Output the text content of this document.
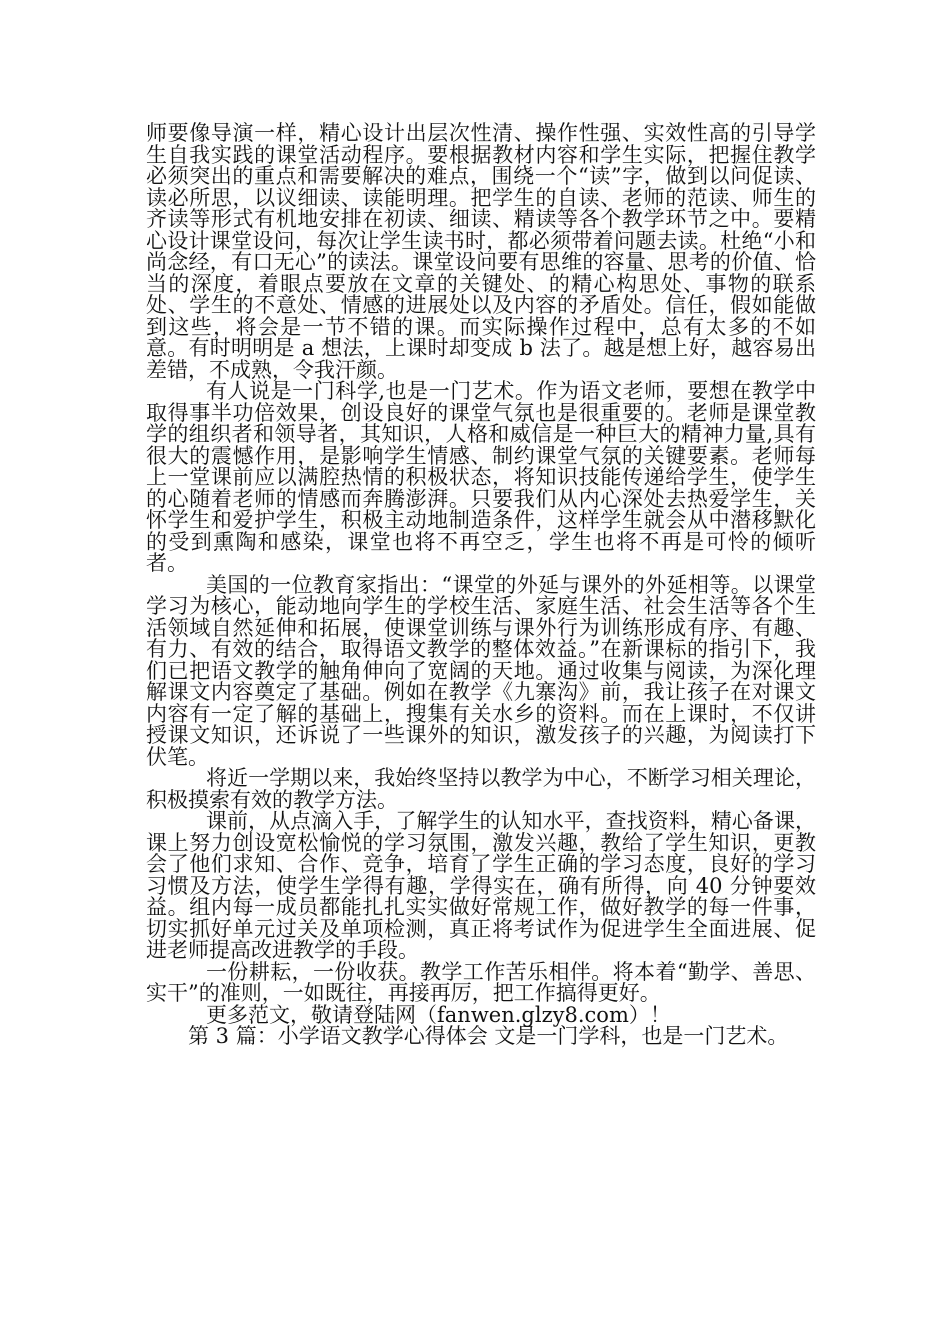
师要像导演一样，精心设计出层次性清、操作性强、实效性高的引导学生自我实践的课堂活动程序。要根据教材内容和学生实际，把握住教学必须突出的重点和需要解决的难点，围绕一个“读”字，做到以问促读、读必所思，以议细读、读能明理。把学生的自读、老师的范读、师生的齐读等形式有机地安排在初读、细读、精读等各个教学环节之中。要精心设计课堂设问，每次让学生读书时，都必须带着问题去读。杜绝“小和尚念经，有口无心”的读法。课堂设问要有思维的容量、思考的价值、恰当的深度，着眼点要放在文章的关键处、的精心构思处、事物的联系处、学生的不意处、情感的进展处以及内容的矛盾处。信任，假如能做到这些，将会是一节不错的课。而实际操作过程中，总有太多的不如意。有时明明是 a 想法，上课时却变成 b 法了。越是想上好，越容易出差错，不成熟，令我汗颜。

有人说是一门科学,也是一门艺术。作为语文老师，要想在教学中取得事半功倍效果，创设良好的课堂气氛也是很重要的。老师是课堂教学的组织者和领导者，其知识，人格和威信是一种巨大的精神力量,具有很大的震憾作用，是影响学生情感、制约课堂气氛的关键要素。老师每上一堂课前应以满腔热情的积极状态，将知识技能传递给学生，使学生的心随着老师的情感而奔腾澎湃。只要我们从内心深处去热爱学生，关怀学生和爱护学生，积极主动地制造条件，这样学生就会从中潜移默化的受到熏陶和感染，课堂也将不再空乏，学生也将不再是可怜的倾听者。

美国的一位教育家指出：“课堂的外延与课外的外延相等。以课堂学习为核心，能动地向学生的学校生活、家庭生活、社会生活等各个生活领域自然延伸和拓展，使课堂训练与课外行为训练形成有序、有趣、有力、有效的结合，取得语文教学的整体效益。”在新课标的指引下，我们已把语文教学的触角伸向了宽阔的天地。通过收集与阅读，为深化理解课文内容奠定了基础。例如在教学《九寨沟》前，我让孩子在对课文内容有一定了解的基础上，搜集有关水乡的资料。而在上课时，不仅讲授课文知识，还诉说了一些课外的知识，激发孩子的兴趣，为阅读打下伏笔。

将近一学期以来，我始终坚持以教学为中心，不断学习相关理论，积极摸索有效的教学方法。

课前，从点滴入手，了解学生的认知水平，查找资料，精心备课，课上努力创设宽松愉悦的学习氛围，激发兴趣，教给了学生知识，更教会了他们求知、合作、竞争，培育了学生正确的学习态度，良好的学习习惯及方法，使学生学得有趣，学得实在，确有所得，向 40 分钟要效益。组内每一成员都能扎扎实实做好常规工作，做好教学的每一件事，切实抓好单元过关及单项检测，真正将考试作为促进学生全面进展、促进老师提高改进教学的手段。

一份耕耘，一份收获。教学工作苦乐相伴。将本着“勤学、善思、实干”的准则，一如既往，再接再厉，把工作搞得更好。

更多范文，敬请登陆网（fanwen.glzy8.com）！

第 3 篇：小学语文教学心得体会 文是一门学科，也是一门艺术。
